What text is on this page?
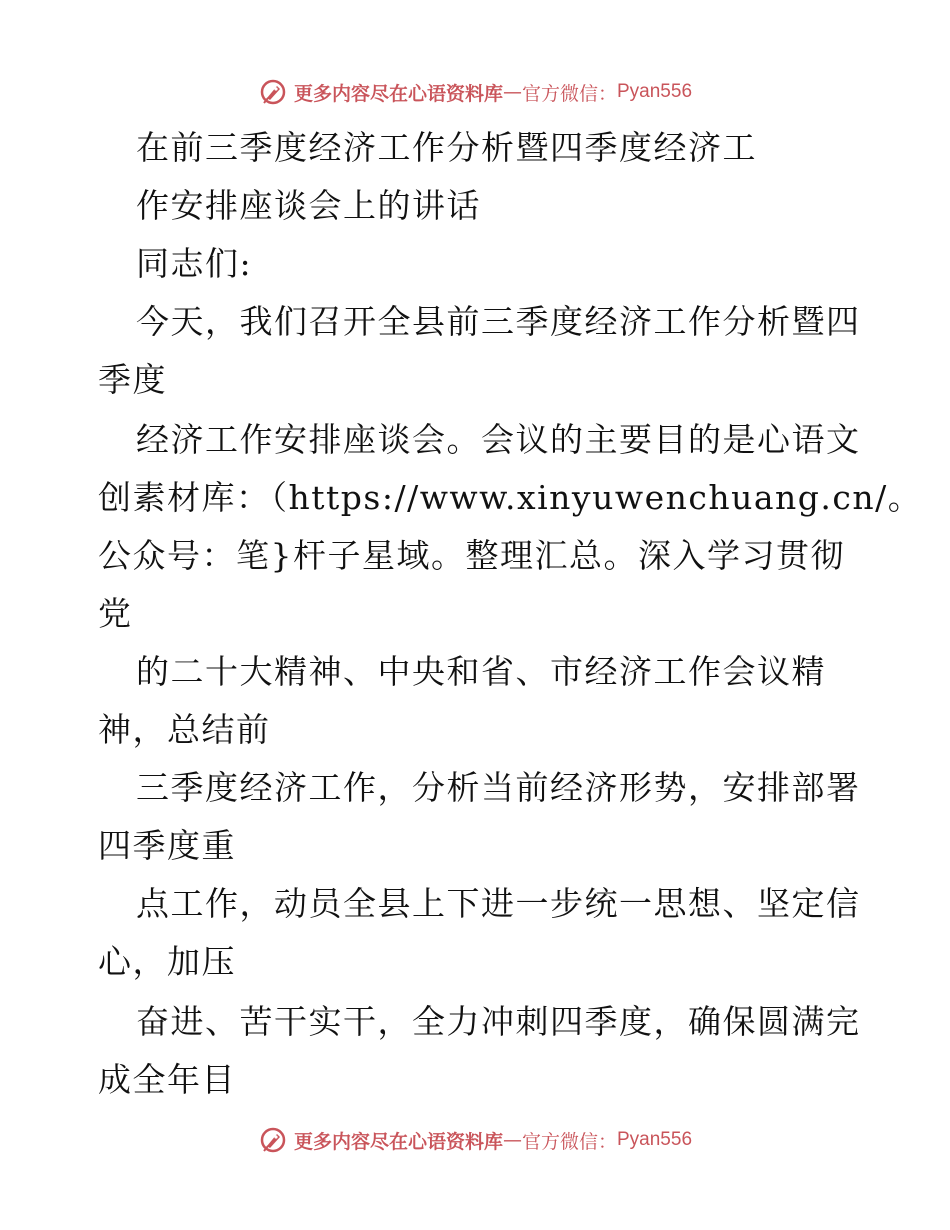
更多内容尽在心语资料库 — 官方微信： Pyan556
在前三季度经济工作分析暨四季度经济工
作安排座谈会上的讲话
同志们:
今天，我们召开全县前三季度经济工作分析暨四
季度
经济工作安排座谈会。会议的主要目的是心语文
创素材库：（https://www.xinyuwenchuang.cn/。
公众号：笔}杆子星域。整理汇总。深入学习贯彻
党
的二十大精神、中央和省、市经济工作会议精
神，总结前
三季度经济工作，分析当前经济形势，安排部署
四季度重
点工作，动员全县上下进一步统一思想、坚定信
心，加压
奋进、苦干实干，全力冲刺四季度，确保圆满完
成全年目
更多内容尽在心语资料库 — 官方微信： Pyan556
